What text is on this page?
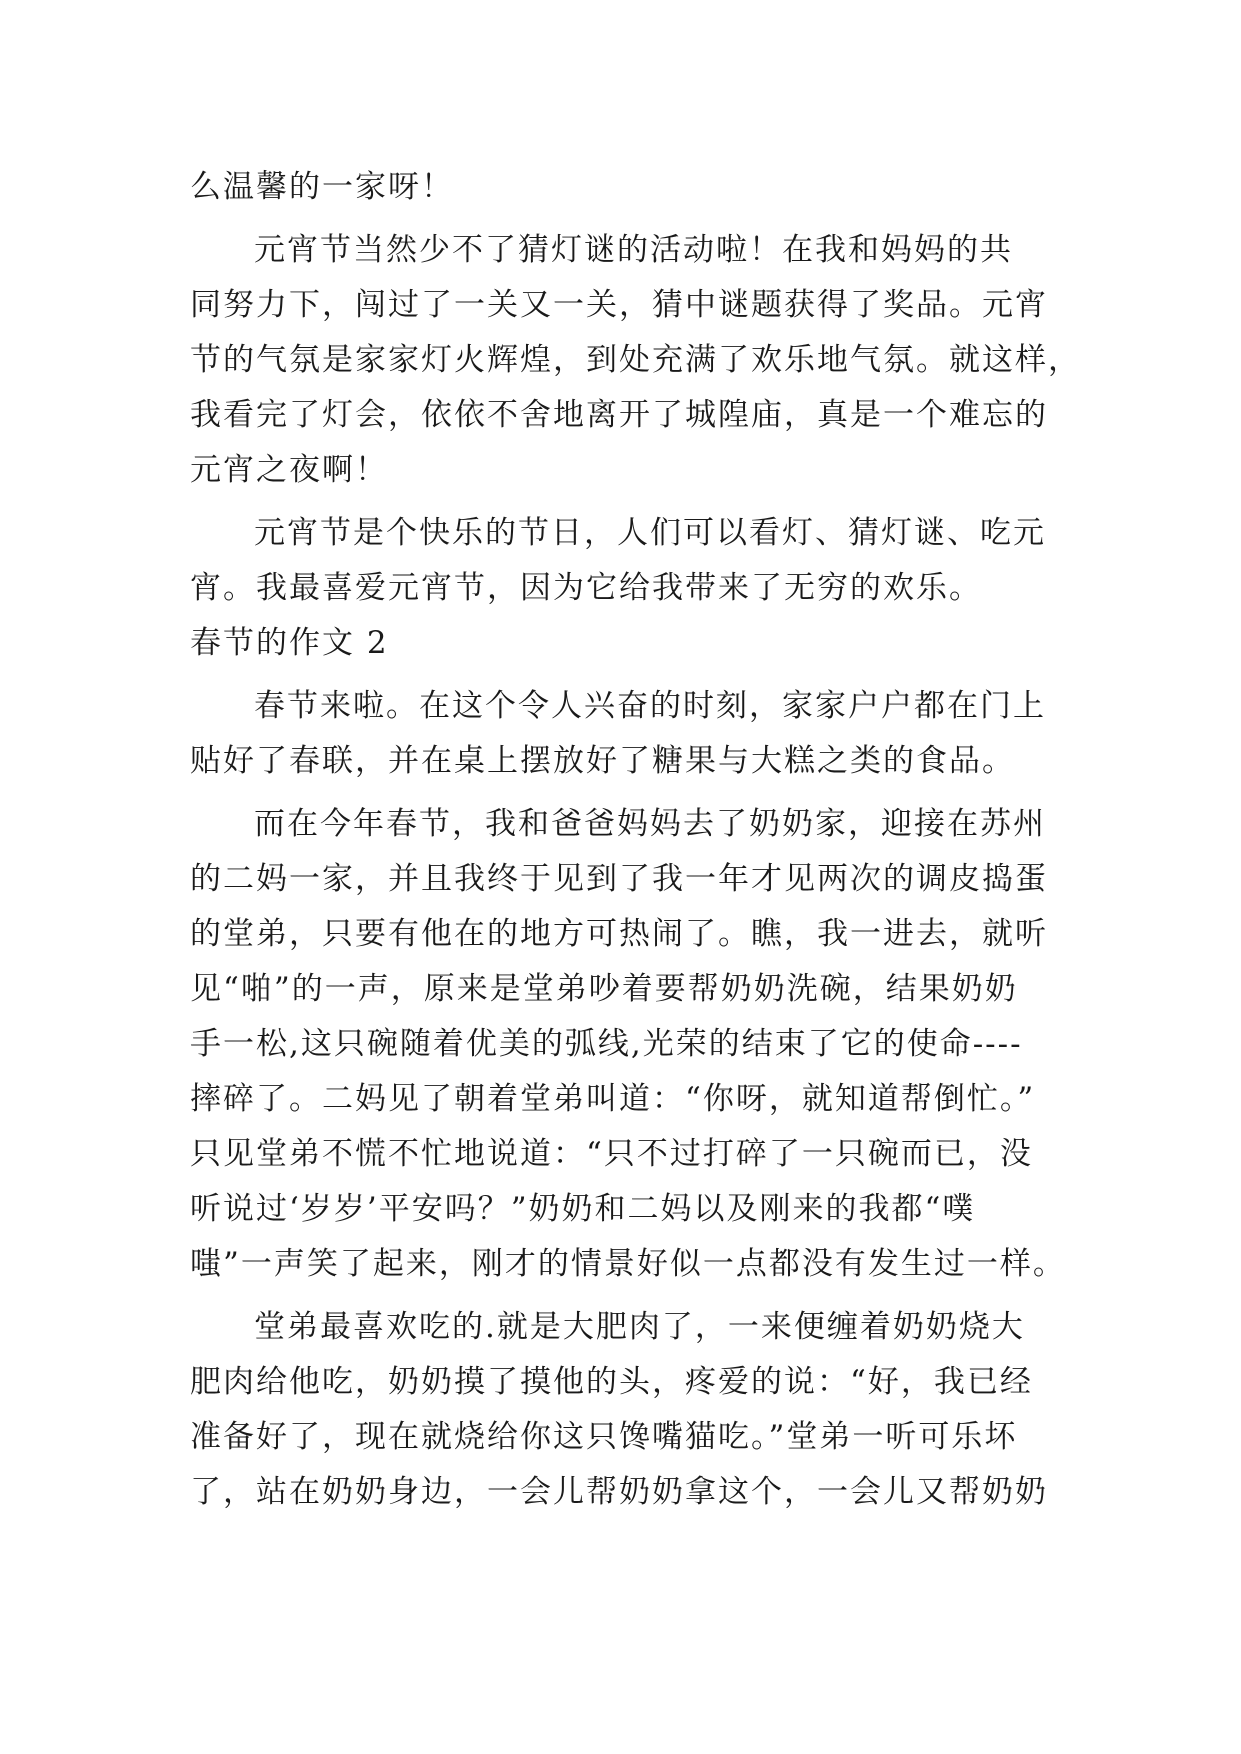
么温馨的一家呀！
元宵节当然少不了猜灯谜的活动啦！在我和妈妈的共
同努力下，闯过了一关又一关，猜中谜题获得了奖品。元宵
节的气氛是家家灯火辉煌，到处充满了欢乐地气氛。就这样，
我看完了灯会，依依不舍地离开了城隍庙，真是一个难忘的
元宵之夜啊！
元宵节是个快乐的节日，人们可以看灯、猜灯谜、吃元
宵。我最喜爱元宵节，因为它给我带来了无穷的欢乐。
春节的作文 2
春节来啦。在这个令人兴奋的时刻，家家户户都在门上
贴好了春联，并在桌上摆放好了糖果与大糕之类的食品。
而在今年春节，我和爸爸妈妈去了奶奶家，迎接在苏州
的二妈一家，并且我终于见到了我一年才见两次的调皮捣蛋
的堂弟，只要有他在的地方可热闹了。瞧，我一进去，就听
见“啪”的一声，原来是堂弟吵着要帮奶奶洗碗，结果奶奶
手一松,这只碗随着优美的弧线,光荣的结束了它的使命----
摔碎了。二妈见了朝着堂弟叫道：“你呀，就知道帮倒忙。”
只见堂弟不慌不忙地说道：“只不过打碎了一只碗而已，没
听说过‘岁岁’平安吗？”奶奶和二妈以及刚来的我都“噗
嗤”一声笑了起来，刚才的情景好似一点都没有发生过一样。
堂弟最喜欢吃的.就是大肥肉了，一来便缠着奶奶烧大
肥肉给他吃，奶奶摸了摸他的头，疼爱的说：“好，我已经
准备好了，现在就烧给你这只馋嘴猫吃。”堂弟一听可乐坏
了，站在奶奶身边，一会儿帮奶奶拿这个，一会儿又帮奶奶
